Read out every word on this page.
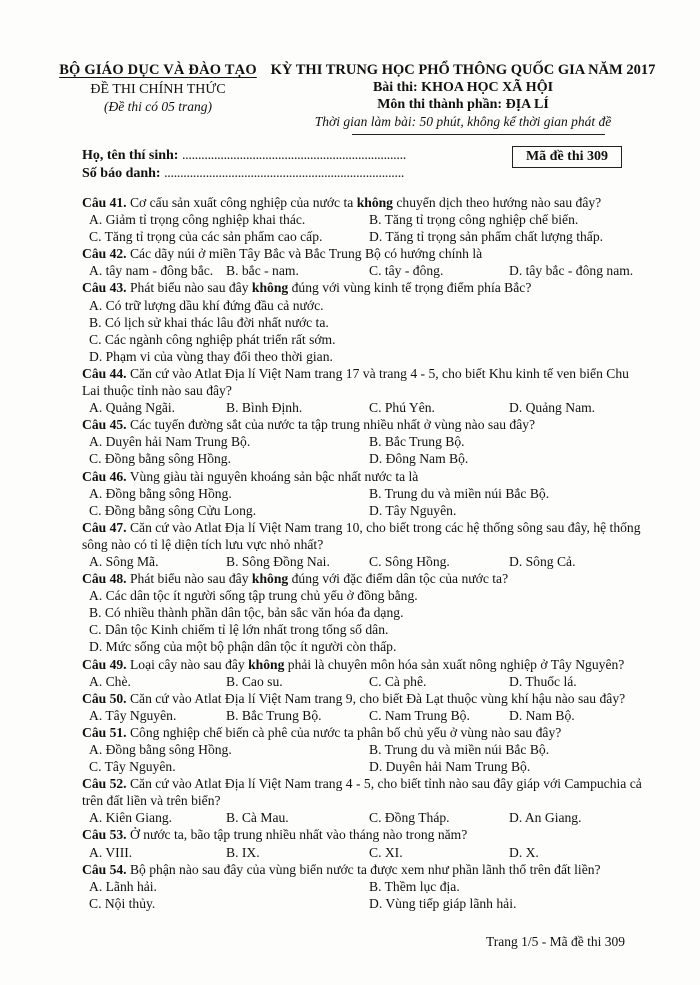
BỘ GIÁO DỤC VÀ ĐÀO TẠO
ĐỀ THI CHÍNH THỨC
(Đề thi có 05 trang)
KỲ THI TRUNG HỌC PHỔ THÔNG QUỐC GIA NĂM 2017
Bài thi: KHOA HỌC XÃ HỘI
Môn thi thành phần: ĐỊA LÍ
Thời gian làm bài: 50 phút, không kể thời gian phát đề
Họ, tên thí sinh: ......................................................................
Số báo danh: ...........................................................................
Mã đề thi 309
Câu 41. Cơ cấu sản xuất công nghiệp của nước ta không chuyển dịch theo hướng nào sau đây?
A. Giảm tỉ trọng công nghiệp khai thác.	B. Tăng tỉ trọng công nghiệp chế biến.
C. Tăng tỉ trọng của các sản phẩm cao cấp.	D. Tăng tỉ trọng sản phẩm chất lượng thấp.
Câu 42. Các dãy núi ở miền Tây Bắc và Bắc Trung Bộ có hướng chính là
A. tây nam - đông bắc. B. bắc - nam.	C. tây - đông.	D. tây bắc - đông nam.
Câu 43. Phát biểu nào sau đây không đúng với vùng kinh tế trọng điểm phía Bắc?
A. Có trữ lượng dầu khí đứng đầu cả nước.
B. Có lịch sử khai thác lâu đời nhất nước ta.
C. Các ngành công nghiệp phát triển rất sớm.
D. Phạm vi của vùng thay đổi theo thời gian.
Câu 44. Căn cứ vào Atlat Địa lí Việt Nam trang 17 và trang 4 - 5, cho biết Khu kinh tế ven biển Chu Lai thuộc tỉnh nào sau đây?
A. Quảng Ngãi.	B. Bình Định.	C. Phú Yên.	D. Quảng Nam.
Câu 45. Các tuyến đường sắt của nước ta tập trung nhiều nhất ở vùng nào sau đây?
A. Duyên hải Nam Trung Bộ.	B. Bắc Trung Bộ.
C. Đồng bằng sông Hồng.	D. Đông Nam Bộ.
Câu 46. Vùng giàu tài nguyên khoáng sản bậc nhất nước ta là
A. Đồng bằng sông Hồng.	B. Trung du và miền núi Bắc Bộ.
C. Đồng bằng sông Cửu Long.	D. Tây Nguyên.
Câu 47. Căn cứ vào Atlat Địa lí Việt Nam trang 10, cho biết trong các hệ thống sông sau đây, hệ thống sông nào có tỉ lệ diện tích lưu vực nhỏ nhất?
A. Sông Mã.	B. Sông Đồng Nai.	C. Sông Hồng.	D. Sông Cả.
Câu 48. Phát biểu nào sau đây không đúng với đặc điểm dân tộc của nước ta?
A. Các dân tộc ít người sống tập trung chủ yếu ở đồng bằng.
B. Có nhiều thành phần dân tộc, bản sắc văn hóa đa dạng.
C. Dân tộc Kinh chiếm tỉ lệ lớn nhất trong tổng số dân.
D. Mức sống của một bộ phận dân tộc ít người còn thấp.
Câu 49. Loại cây nào sau đây không phải là chuyên môn hóa sản xuất nông nghiệp ở Tây Nguyên?
A. Chè.	B. Cao su.	C. Cà phê.	D. Thuốc lá.
Câu 50. Căn cứ vào Atlat Địa lí Việt Nam trang 9, cho biết Đà Lạt thuộc vùng khí hậu nào sau đây?
A. Tây Nguyên.	B. Bắc Trung Bộ.	C. Nam Trung Bộ.	D. Nam Bộ.
Câu 51. Công nghiệp chế biến cà phê của nước ta phân bố chủ yếu ở vùng nào sau đây?
A. Đồng bằng sông Hồng.	B. Trung du và miền núi Bắc Bộ.
C. Tây Nguyên.	D. Duyên hải Nam Trung Bộ.
Câu 52. Căn cứ vào Atlat Địa lí Việt Nam trang 4 - 5, cho biết tỉnh nào sau đây giáp với Campuchia cả trên đất liền và trên biển?
A. Kiên Giang.	B. Cà Mau.	C. Đồng Tháp.	D. An Giang.
Câu 53. Ở nước ta, bão tập trung nhiều nhất vào tháng nào trong năm?
A. VIII.	B. IX.	C. XI.	D. X.
Câu 54. Bộ phận nào sau đây của vùng biển nước ta được xem như phần lãnh thổ trên đất liền?
A. Lãnh hải.	B. Thềm lục địa.
C. Nội thủy.	D. Vùng tiếp giáp lãnh hải.
Trang 1/5 - Mã đề thi 309
